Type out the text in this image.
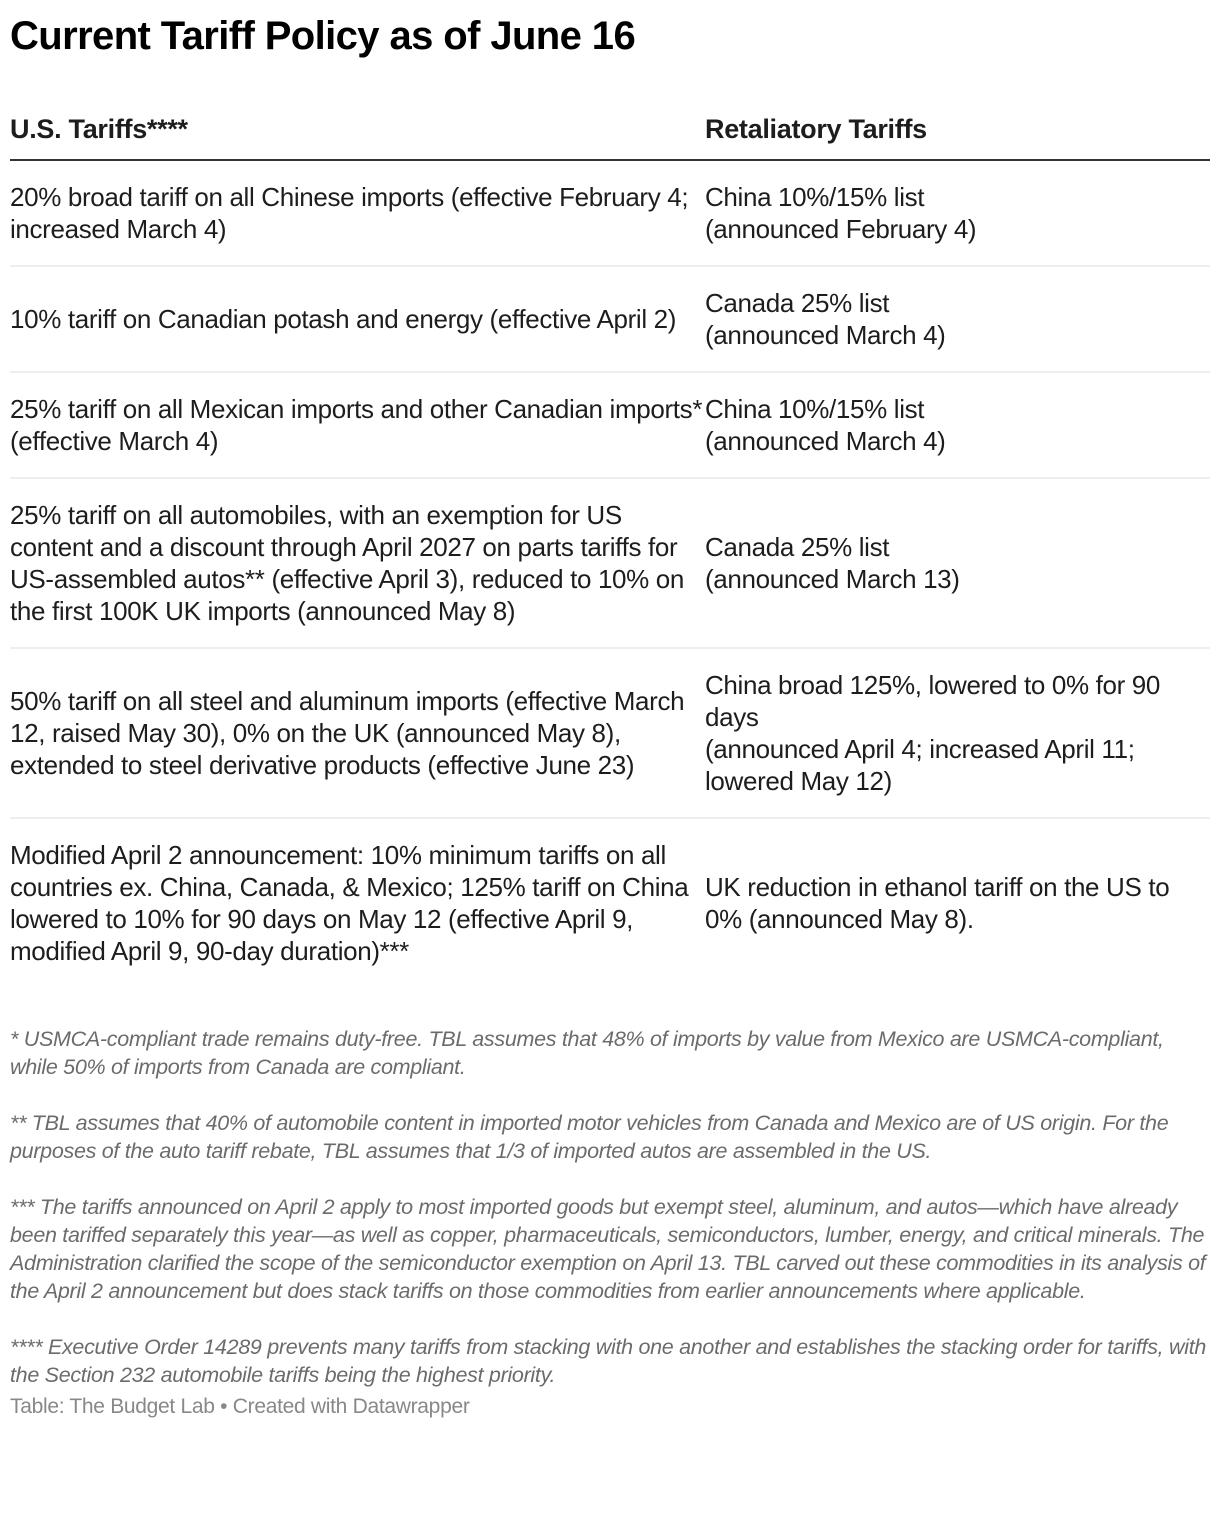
Current Tariff Policy as of June 16
U.S. Tariffs****	Retaliatory Tariffs

20% broad tariff on all Chinese imports (effective February 4; increased March 4)	China 10%/15% list
(announced February 4)

10% tariff on Canadian potash and energy (effective April 2)	Canada 25% list
(announced March 4)

25% tariff on all Mexican imports and other Canadian imports* (effective March 4)	China 10%/15% list
(announced March 4)

25% tariff on all automobiles, with an exemption for US content and a discount through April 2027 on parts tariffs for US-assembled autos** (effective April 3), reduced to 10% on the first 100K UK imports (announced May 8)	Canada 25% list
(announced March 13)

50% tariff on all steel and aluminum imports (effective March 12, raised May 30), 0% on the UK (announced May 8), extended to steel derivative products (effective June 23)	China broad 125%, lowered to 0% for 90 days
(announced April 4; increased April 11; lowered May 12)

Modified April 2 announcement: 10% minimum tariffs on all countries ex. China, Canada, & Mexico; 125% tariff on China lowered to 10% for 90 days on May 12 (effective April 9, modified April 9, 90-day duration)***	UK reduction in ethanol tariff on the US to 0% (announced May 8).

* USMCA-compliant trade remains duty-free. TBL assumes that 48% of imports by value from Mexico are USMCA-compliant, while 50% of imports from Canada are compliant.

** TBL assumes that 40% of automobile content in imported motor vehicles from Canada and Mexico are of US origin. For the purposes of the auto tariff rebate, TBL assumes that 1/3 of imported autos are assembled in the US.

*** The tariffs announced on April 2 apply to most imported goods but exempt steel, aluminum, and autos—which have already been tariffed separately this year—as well as copper, pharmaceuticals, semiconductors, lumber, energy, and critical minerals. The Administration clarified the scope of the semiconductor exemption on April 13. TBL carved out these commodities in its analysis of the April 2 announcement but does stack tariffs on those commodities from earlier announcements where applicable.

**** Executive Order 14289 prevents many tariffs from stacking with one another and establishes the stacking order for tariffs, with the Section 232 automobile tariffs being the highest priority.

Table: The Budget Lab • Created with Datawrapper
